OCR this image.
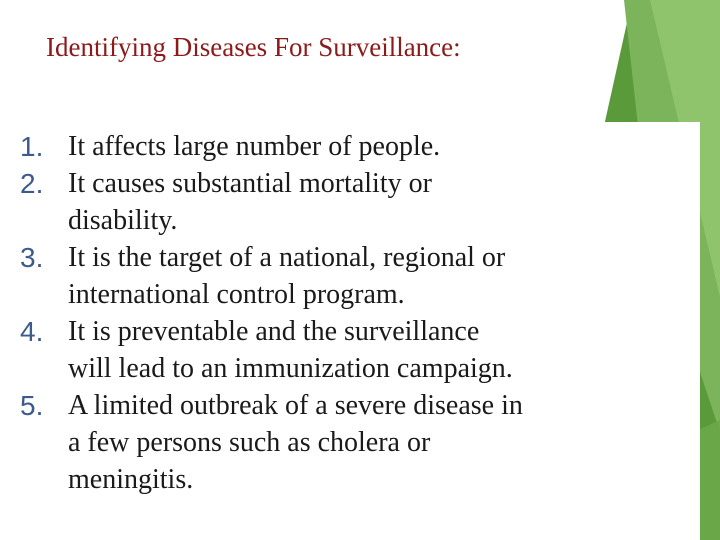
Identifying Diseases For Surveillance:
1. It affects large number of people.
2. It causes substantial mortality or
disability.
3. It is the target of a national, regional or
international control program.
4. It is preventable and the surveillance
will lead to an immunization campaign.
5. A limited outbreak of a severe disease in
a few persons such as cholera or
meningitis.
